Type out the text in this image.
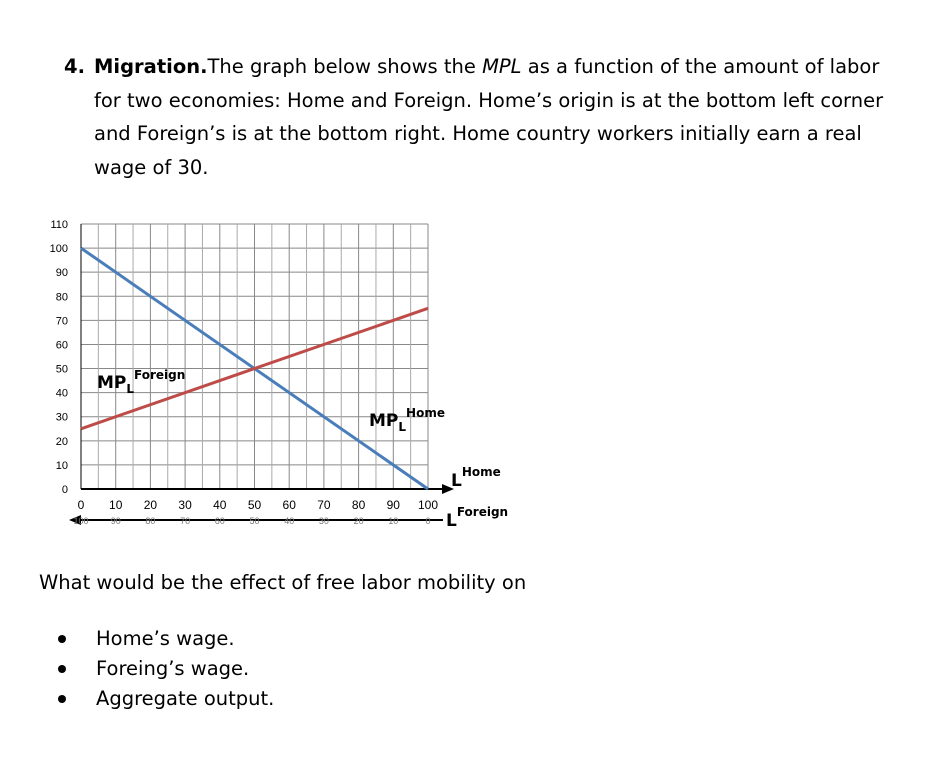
4. Migration.The graph below shows the MPL as a function of the amount of labor for two economies: Home and Foreign. Home’s origin is at the bottom left corner and Foreign’s is at the bottom right. Home country workers initially earn a real wage of 30.
0
10
20
30
40
50
60
70
80
90
100
110
0 10 20 30 40 50 60 70 80 90 100
100 90	80	70	60	50	40	30	20	10	0
$MP_L^{Foreign}$
$MP_L^{Home}$
$L^{Home}$
$L^{Foreign}$
What would be the effect of free labor mobility on
Home’s wage.
Foreing’s wage.
Aggregate output.
